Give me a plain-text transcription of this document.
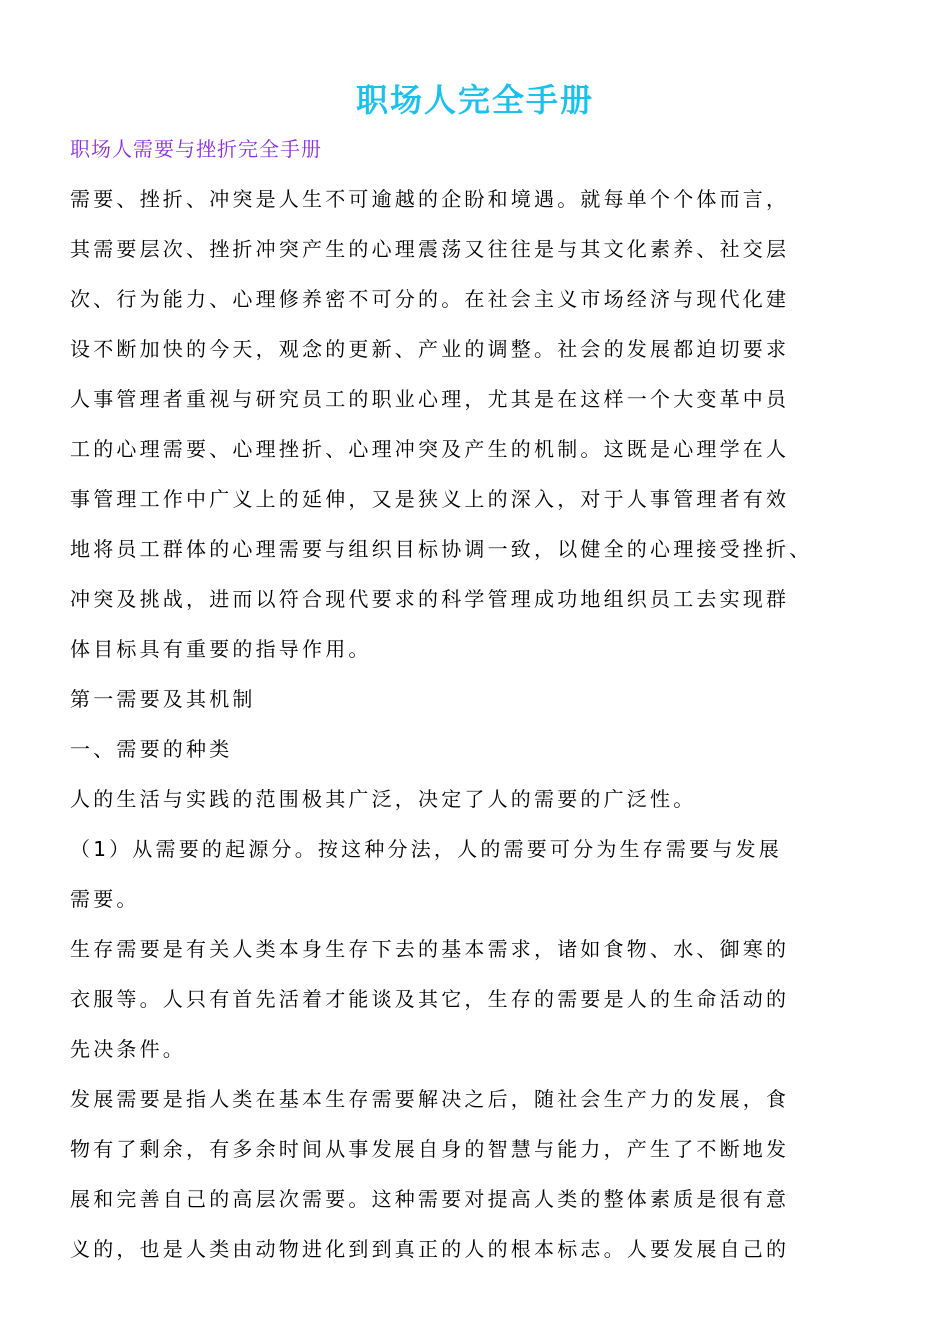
职场人完全手册
职场人需要与挫折完全手册
需要、挫折、冲突是人生不可逾越的企盼和境遇。就每单个个体而言，
其需要层次、挫折冲突产生的心理震荡又往往是与其文化素养、社交层
次、行为能力、心理修养密不可分的。在社会主义市场经济与现代化建
设不断加快的今天，观念的更新、产业的调整。社会的发展都迫切要求
人事管理者重视与研究员工的职业心理，尤其是在这样一个大变革中员
工的心理需要、心理挫折、心理冲突及产生的机制。这既是心理学在人
事管理工作中广义上的延伸，又是狭义上的深入，对于人事管理者有效
地将员工群体的心理需要与组织目标协调一致，以健全的心理接受挫折、
冲突及挑战，进而以符合现代要求的科学管理成功地组织员工去实现群
体目标具有重要的指导作用。
第一需要及其机制
一、需要的种类
人的生活与实践的范围极其广泛，决定了人的需要的广泛性。
（1）从需要的起源分。按这种分法，人的需要可分为生存需要与发展
需要。
生存需要是有关人类本身生存下去的基本需求，诸如食物、水、御寒的
衣服等。人只有首先活着才能谈及其它，生存的需要是人的生命活动的
先决条件。
发展需要是指人类在基本生存需要解决之后，随社会生产力的发展，食
物有了剩余，有多余时间从事发展自身的智慧与能力，产生了不断地发
展和完善自己的高层次需要。这种需要对提高人类的整体素质是很有意
义的，也是人类由动物进化到到真正的人的根本标志。人要发展自己的
